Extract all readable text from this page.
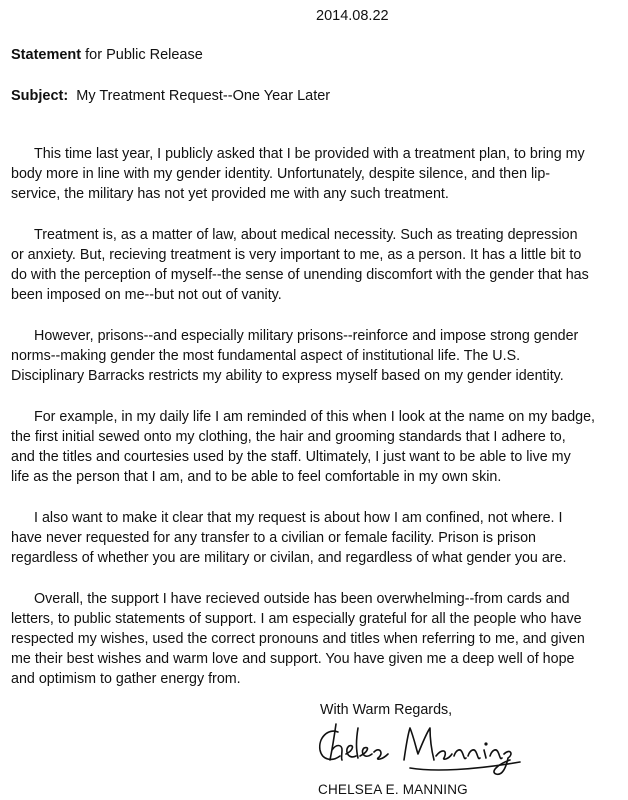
2014.08.22
Statement for Public Release
Subject:  My Treatment Request--One Year Later

This time last year, I publicly asked that I be provided with a treatment plan, to bring my
body more in line with my gender identity. Unfortunately, despite silence, and then lip-
service, the military has not yet provided me with any such treatment.

Treatment is, as a matter of law, about medical necessity. Such as treating depression
or anxiety. But, recieving treatment is very important to me, as a person. It has a little bit to
do with the perception of myself--the sense of unending discomfort with the gender that has
been imposed on me--but not out of vanity.

However, prisons--and especially military prisons--reinforce and impose strong gender
norms--making gender the most fundamental aspect of institutional life. The U.S.
Disciplinary Barracks restricts my ability to express myself based on my gender identity.

For example, in my daily life I am reminded of this when I look at the name on my badge,
the first initial sewed onto my clothing, the hair and grooming standards that I adhere to,
and the titles and courtesies used by the staff. Ultimately, I just want to be able to live my
life as the person that I am, and to be able to feel comfortable in my own skin.

I also want to make it clear that my request is about how I am confined, not where. I
have never requested for any transfer to a civilian or female facility. Prison is prison
regardless of whether you are military or civilan, and regardless of what gender you are.

Overall, the support I have recieved outside has been overwhelming--from cards and
letters, to public statements of support. I am especially grateful for all the people who have
respected my wishes, used the correct pronouns and titles when referring to me, and given
me their best wishes and warm love and support. You have given me a deep well of hope
and optimism to gather energy from.

With Warm Regards,
CHELSEA E. MANNING
